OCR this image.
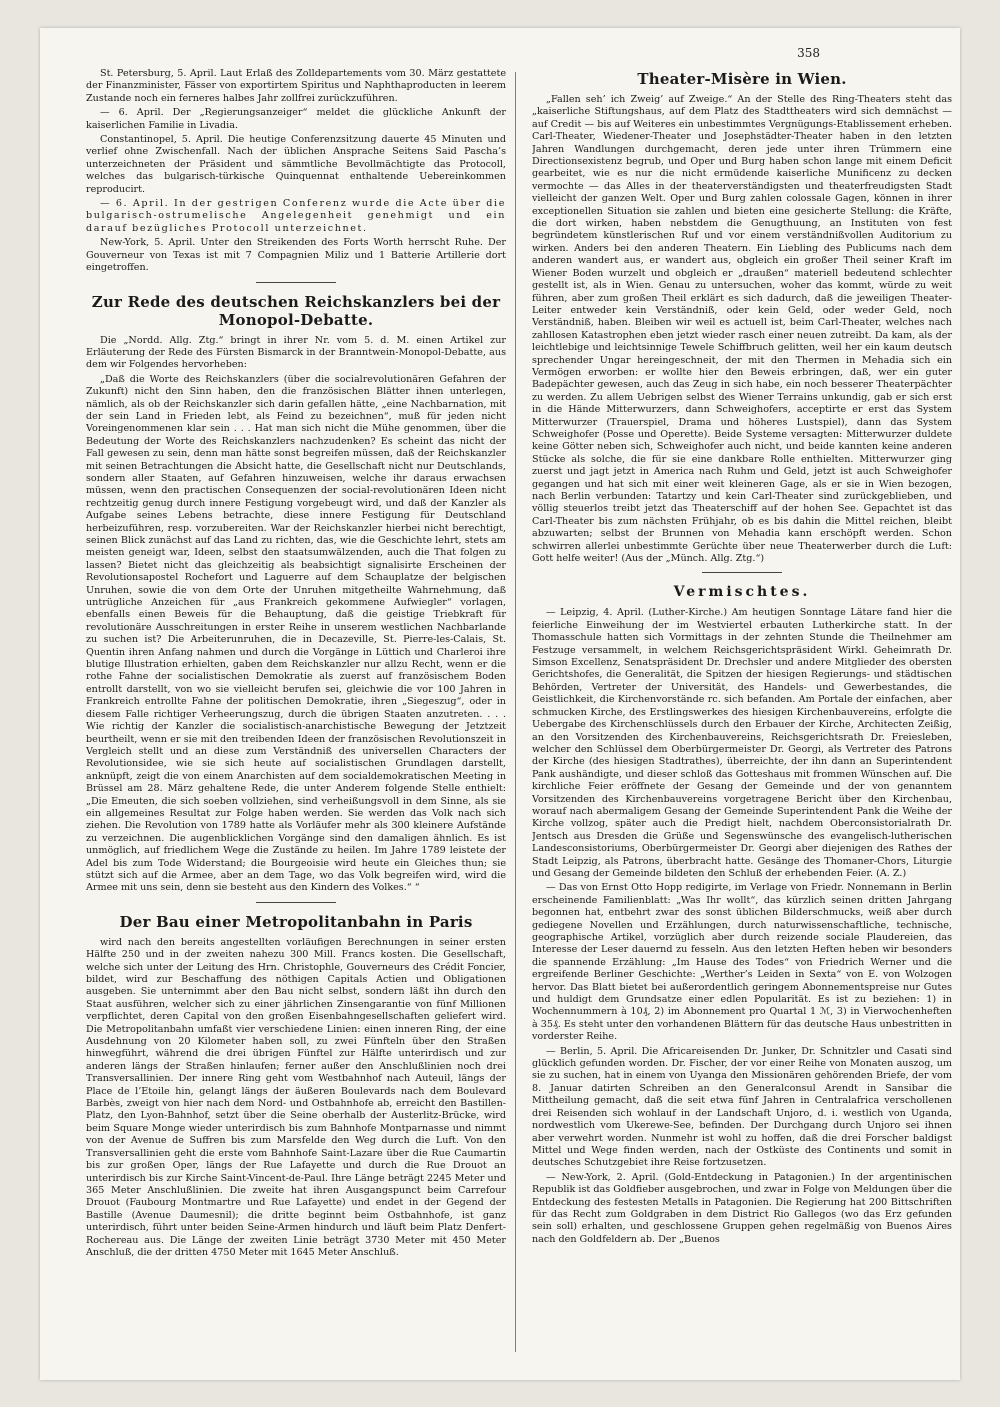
358

St. Petersburg, 5. April. Laut Erlaß des Zolldepartements vom 30. März gestattete der Finanzminister, Fässer von exportirtem Spiritus und Naphthaproducten in leerem Zustande noch ein ferneres halbes Jahr zollfrei zurückzuführen.

— 6. April. Der „Regierungsanzeiger“ meldet die glückliche Ankunft der kaiserlichen Familie in Livadia.

Constantinopel, 5. April. Die heutige Conferenzsitzung dauerte 45 Minuten und verlief ohne Zwischenfall. Nach der üblichen Ansprache Seitens Said Pascha’s unterzeichneten der Präsident und sämmtliche Bevollmächtigte das Protocoll, welches das bulgarisch-türkische Quinquennat enthaltende Uebereinkommen reproducirt.

— 6. April. In der gestrigen Conferenz wurde die Acte über die bulgarisch-ostrumelische Angelegenheit genehmigt und ein darauf bezügliches Protocoll unterzeichnet.

New-York, 5. April. Unter den Streikenden des Forts Worth herrscht Ruhe. Der Gouverneur von Texas ist mit 7 Compagnien Miliz und 1 Batterie Artillerie dort eingetroffen.

Zur Rede des deutschen Reichskanzlers bei der Monopol-Debatte.

Die „Nordd. Allg. Ztg.“ bringt in ihrer Nr. vom 5. d. M. einen Artikel zur Erläuterung der Rede des Fürsten Bismarck in der Branntwein-Monopol-Debatte, aus dem wir Folgendes hervorheben:

„Daß die Worte des Reichskanzlers (über die socialrevolutionären Gefahren der Zukunft) nicht den Sinn haben, den die französischen Blätter ihnen unterlegen, nämlich, als ob der Reichskanzler sich darin gefallen hätte, „eine Nachbarnation, mit der sein Land in Frieden lebt, als Feind zu bezeichnen“, muß für jeden nicht Voreingenommenen klar sein . . . Hat man sich nicht die Mühe genommen, über die Bedeutung der Worte des Reichskanzlers nachzudenken? Es scheint das nicht der Fall gewesen zu sein, denn man hätte sonst begreifen müssen, daß der Reichskanzler mit seinen Betrachtungen die Absicht hatte, die Gesellschaft nicht nur Deutschlands, sondern aller Staaten, auf Gefahren hinzuweisen, welche ihr daraus erwachsen müssen, wenn den practischen Consequenzen der social-revolutionären Ideen nicht rechtzeitig genug durch innere Festigung vorgebeugt wird, und daß der Kanzler als Aufgabe seines Lebens betrachte, diese innere Festigung für Deutschland herbeizuführen, resp. vorzubereiten. War der Reichskanzler hierbei nicht berechtigt, seinen Blick zunächst auf das Land zu richten, das, wie die Geschichte lehrt, stets am meisten geneigt war, Ideen, selbst den staatsumwälzenden, auch die That folgen zu lassen? Bietet nicht das gleichzeitig als beabsichtigt signalisirte Erscheinen der Revolutionsapostel Rochefort und Laguerre auf dem Schauplatze der belgischen Unruhen, sowie die von dem Orte der Unruhen mitgetheilte Wahrnehmung, daß untrügliche Anzeichen für „aus Frankreich gekommene Aufwiegler“ vorlagen, ebenfalls einen Beweis für die Behauptung, daß die geistige Triebkraft für revolutionäre Ausschreitungen in erster Reihe in unserem westlichen Nachbarlande zu suchen ist? Die Arbeiterunruhen, die in Decazeville, St. Pierre-les-Calais, St. Quentin ihren Anfang nahmen und durch die Vorgänge in Lüttich und Charleroi ihre blutige Illustration erhielten, gaben dem Reichskanzler nur allzu Recht, wenn er die rothe Fahne der socialistischen Demokratie als zuerst auf französischem Boden entrollt darstellt, von wo sie vielleicht berufen sei, gleichwie die vor 100 Jahren in Frankreich entrollte Fahne der politischen Demokratie, ihren „Siegeszug“, oder in diesem Falle richtiger Verheerungszug, durch die übrigen Staaten anzutreten. . . . Wie richtig der Kanzler die socialistisch-anarchistische Bewegung der Jetztzeit beurtheilt, wenn er sie mit den treibenden Ideen der französischen Revolutionszeit in Vergleich stellt und an diese zum Verständniß des universellen Characters der Revolutionsidee, wie sie sich heute auf socialistischen Grundlagen darstellt, anknüpft, zeigt die von einem Anarchisten auf dem socialdemokratischen Meeting in Brüssel am 28. März gehaltene Rede, die unter Anderem folgende Stelle enthielt: „Die Emeuten, die sich soeben vollziehen, sind verheißungsvoll in dem Sinne, als sie ein allgemeines Resultat zur Folge haben werden. Sie werden das Volk nach sich ziehen. Die Revolution von 1789 hatte als Vorläufer mehr als 300 kleinere Aufstände zu verzeichnen. Die augenblicklichen Vorgänge sind den damaligen ähnlich. Es ist unmöglich, auf friedlichem Wege die Zustände zu heilen. Im Jahre 1789 leistete der Adel bis zum Tode Widerstand; die Bourgeoisie wird heute ein Gleiches thun; sie stützt sich auf die Armee, aber an dem Tage, wo das Volk begreifen wird, wird die Armee mit uns sein, denn sie besteht aus den Kindern des Volkes.“ “

Der Bau einer Metropolitanbahn in Paris

wird nach den bereits angestellten vorläufigen Berechnungen in seiner ersten Hälfte 250 und in der zweiten nahezu 300 Mill. Francs kosten. Die Gesellschaft, welche sich unter der Leitung des Hrn. Christophle, Gouverneurs des Crédit Foncier, bildet, wird zur Beschaffung des nöthigen Capitals Actien und Obligationen ausgeben. Sie unternimmt aber den Bau nicht selbst, sondern läßt ihn durch den Staat ausführen, welcher sich zu einer jährlichen Zinsengarantie von fünf Millionen verpflichtet, deren Capital von den großen Eisenbahngesellschaften geliefert wird. Die Metropolitanbahn umfaßt vier verschiedene Linien: einen inneren Ring, der eine Ausdehnung von 20 Kilometer haben soll, zu zwei Fünfteln über den Straßen hinwegführt, während die drei übrigen Fünftel zur Hälfte unterirdisch und zur anderen längs der Straßen hinlaufen; ferner außer den Anschlußlinien noch drei Transversallinien. Der innere Ring geht vom Westbahnhof nach Auteuil, längs der Place de l’Etoile hin, gelangt längs der äußeren Boulevards nach dem Boulevard Barbès, zweigt von hier nach dem Nord- und Ostbahnhofe ab, erreicht den Bastillen-Platz, den Lyon-Bahnhof, setzt über die Seine oberhalb der Austerlitz-Brücke, wird beim Square Monge wieder unterirdisch bis zum Bahnhofe Montparnasse und nimmt von der Avenue de Suffren bis zum Marsfelde den Weg durch die Luft. Von den Transversallinien geht die erste vom Bahnhofe Saint-Lazare über die Rue Caumartin bis zur großen Oper, längs der Rue Lafayette und durch die Rue Drouot an unterirdisch bis zur Kirche Saint-Vincent-de-Paul. Ihre Länge beträgt 2245 Meter und 365 Meter Anschlußlinien. Die zweite hat ihren Ausgangspunct beim Carrefour Drouot (Faubourg Montmartre und Rue Lafayette) und endet in der Gegend der Bastille (Avenue Daumesnil); die dritte beginnt beim Ostbahnhofe, ist ganz unterirdisch, führt unter beiden Seine-Armen hindurch und läuft beim Platz Denfert-Rochereau aus. Die Länge der zweiten Linie beträgt 3730 Meter mit 450 Meter Anschluß, die der dritten 4750 Meter mit 1645 Meter Anschluß.

Theater-Misère in Wien.

„Fallen seh’ ich Zweig’ auf Zweige.“ An der Stelle des Ring-Theaters steht das „kaiserliche Stiftungshaus, auf dem Platz des Stadttheaters wird sich demnächst — auf Credit — bis auf Weiteres ein unbestimmtes Vergnügungs-Etablissement erheben. Carl-Theater, Wiedener-Theater und Josephstädter-Theater haben in den letzten Jahren Wandlungen durchgemacht, deren jede unter ihren Trümmern eine Directionsexistenz begrub, und Oper und Burg haben schon lange mit einem Deficit gearbeitet, wie es nur die nicht ermüdende kaiserliche Munificenz zu decken vermochte — das Alles in der theaterverständigsten und theaterfreudigsten Stadt vielleicht der ganzen Welt. Oper und Burg zahlen colossale Gagen, können in ihrer exceptionellen Situation sie zahlen und bieten eine gesicherte Stellung: die Kräfte, die dort wirken, haben nebstdem die Genugthuung, an Instituten von fest begründetem künstlerischen Ruf und vor einem verständnißvollen Auditorium zu wirken. Anders bei den anderen Theatern. Ein Liebling des Publicums nach dem anderen wandert aus, er wandert aus, obgleich ein großer Theil seiner Kraft im Wiener Boden wurzelt und obgleich er „draußen“ materiell bedeutend schlechter gestellt ist, als in Wien. Genau zu untersuchen, woher das kommt, würde zu weit führen, aber zum großen Theil erklärt es sich dadurch, daß die jeweiligen Theater-Leiter entweder kein Verständniß, oder kein Geld, oder weder Geld, noch Verständniß, haben. Bleiben wir weil es actuell ist, beim Carl-Theater, welches nach zahllosen Katastrophen eben jetzt wieder rasch einer neuen zutreibt. Da kam, als der leichtlebige und leichtsinnige Tewele Schiffbruch gelitten, weil her ein kaum deutsch sprechender Ungar hereingeschneit, der mit den Thermen in Mehadia sich ein Vermögen erworben: er wollte hier den Beweis erbringen, daß, wer ein guter Badepächter gewesen, auch das Zeug in sich habe, ein noch besserer Theaterpächter zu werden. Zu allem Uebrigen selbst des Wiener Terrains unkundig, gab er sich erst in die Hände Mitterwurzers, dann Schweighofers, acceptirte er erst das System Mitterwurzer (Trauerspiel, Drama und höheres Lustspiel), dann das System Schweighofer (Posse und Operette). Beide Systeme versagten: Mitterwurzer duldete keine Götter neben sich, Schweighofer auch nicht, und beide kannten keine anderen Stücke als solche, die für sie eine dankbare Rolle enthielten. Mitterwurzer ging zuerst und jagt jetzt in America nach Ruhm und Geld, jetzt ist auch Schweighofer gegangen und hat sich mit einer weit kleineren Gage, als er sie in Wien bezogen, nach Berlin verbunden: Tatartzy und kein Carl-Theater sind zurückgeblieben, und völlig steuerlos treibt jetzt das Theaterschiff auf der hohen See. Gepachtet ist das Carl-Theater bis zum nächsten Frühjahr, ob es bis dahin die Mittel reichen, bleibt abzuwarten; selbst der Brunnen von Mehadia kann erschöpft werden. Schon schwirren allerlei unbestimmte Gerüchte über neue Theaterwerber durch die Luft: Gott helfe weiter! (Aus der „Münch. Allg. Ztg.“)

Vermischtes.

— Leipzig, 4. April. (Luther-Kirche.) Am heutigen Sonntage Lätare fand hier die feierliche Einweihung der im Westviertel erbauten Lutherkirche statt. In der Thomasschule hatten sich Vormittags in der zehnten Stunde die Theilnehmer am Festzuge versammelt, in welchem Reichsgerichtspräsident Wirkl. Geheimrath Dr. Simson Excellenz, Senatspräsident Dr. Drechsler und andere Mitglieder des obersten Gerichtshofes, die Generalität, die Spitzen der hiesigen Regierungs- und städtischen Behörden, Vertreter der Universität, des Handels- und Gewerbestandes, die Geistlichkeit, die Kirchenvorstände rc. sich befanden. Am Portale der einfachen, aber schmucken Kirche, des Erstlingswerkes des hiesigen Kirchenbauvereins, erfolgte die Uebergabe des Kirchenschlüssels durch den Erbauer der Kirche, Architecten Zeißig, an den Vorsitzenden des Kirchenbauvereins, Reichsgerichtsrath Dr. Freiesleben, welcher den Schlüssel dem Oberbürgermeister Dr. Georgi, als Vertreter des Patrons der Kirche (des hiesigen Stadtrathes), überreichte, der ihn dann an Superintendent Pank aushändigte, und dieser schloß das Gotteshaus mit frommen Wünschen auf. Die kirchliche Feier eröffnete der Gesang der Gemeinde und der von genanntem Vorsitzenden des Kirchenbauvereins vorgetragene Bericht über den Kirchenbau, worauf nach abermaligem Gesang der Gemeinde Superintendent Pank die Weihe der Kirche vollzog, später auch die Predigt hielt, nachdem Oberconsistorialrath Dr. Jentsch aus Dresden die Grüße und Segenswünsche des evangelisch-lutherischen Landesconsistoriums, Oberbürgermeister Dr. Georgi aber diejenigen des Rathes der Stadt Leipzig, als Patrons, überbracht hatte. Gesänge des Thomaner-Chors, Liturgie und Gesang der Gemeinde bildeten den Schluß der erhebenden Feier. (A. Z.)

— Das von Ernst Otto Hopp redigirte, im Verlage von Friedr. Nonnemann in Berlin erscheinende Familienblatt: „Was Ihr wollt“, das kürzlich seinen dritten Jahrgang begonnen hat, entbehrt zwar des sonst üblichen Bilderschmucks, weiß aber durch gediegene Novellen und Erzählungen, durch naturwissenschaftliche, technische, geographische Artikel, vorzüglich aber durch reizende sociale Plaudereien, das Interesse der Leser dauernd zu fesseln. Aus den letzten Heften heben wir besonders die spannende Erzählung: „Im Hause des Todes“ von Friedrich Werner und die ergreifende Berliner Geschichte: „Werther’s Leiden in Sexta“ von E. von Wolzogen hervor. Das Blatt bietet bei außerordentlich geringem Abonnementspreise nur Gutes und huldigt dem Grundsatze einer edlen Popularität. Es ist zu beziehen: 1) in Wochennummern à 10₰, 2) im Abonnement pro Quartal 1 ℳ, 3) in Vierwochenheften à 35₰. Es steht unter den vorhandenen Blättern für das deutsche Haus unbestritten in vorderster Reihe.

— Berlin, 5. April. Die Africareisenden Dr. Junker, Dr. Schnitzler und Casati sind glücklich gefunden worden. Dr. Fischer, der vor einer Reihe von Monaten auszog, um sie zu suchen, hat in einem von Uyanga den Missionären gehörenden Briefe, der vom 8. Januar datirten Schreiben an den Generalconsul Arendt in Sansibar die Mittheilung gemacht, daß die seit etwa fünf Jahren in Centralafrica verschollenen drei Reisenden sich wohlauf in der Landschaft Unjoro, d. i. westlich von Uganda, nordwestlich vom Ukerewe-See, befinden. Der Durchgang durch Unjoro sei ihnen aber verwehrt worden. Nunmehr ist wohl zu hoffen, daß die drei Forscher baldigst Mittel und Wege finden werden, nach der Ostküste des Continents und somit in deutsches Schutzgebiet ihre Reise fortzusetzen.

— New-York, 2. April. (Gold-Entdeckung in Patagonien.) In der argentinischen Republik ist das Goldfieber ausgebrochen, und zwar in Folge von Meldungen über die Entdeckung des festesten Metalls in Patagonien. Die Regierung hat 200 Bittschriften für das Recht zum Goldgraben in dem District Rio Gallegos (wo das Erz gefunden sein soll) erhalten, und geschlossene Gruppen gehen regelmäßig von Buenos Aires nach den Goldfeldern ab. Der „Buenos
